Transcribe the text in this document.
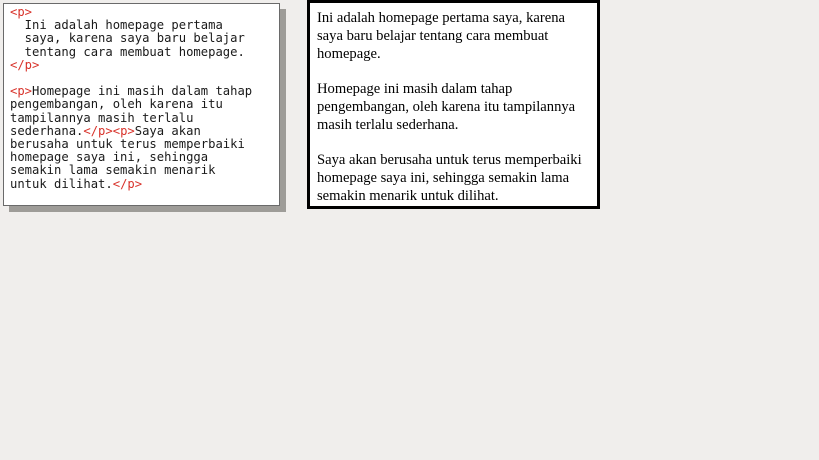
<p>
Ini adalah homepage pertama
saya, karena saya baru belajar
tentang cara membuat homepage.
</p>

<p>Homepage ini masih dalam tahap
pengembangan, oleh karena itu
tampilannya masih terlalu
sederhana.</p><p>Saya akan
berusaha untuk terus memperbaiki
homepage saya ini, sehingga
semakin lama semakin menarik
untuk dilihat.</p>

Ini adalah homepage pertama saya, karena saya baru belajar tentang cara membuat homepage.

Homepage ini masih dalam tahap pengembangan, oleh karena itu tampilannya masih terlalu sederhana.

Saya akan berusaha untuk terus memperbaiki homepage saya ini, sehingga semakin lama semakin menarik untuk dilihat.
